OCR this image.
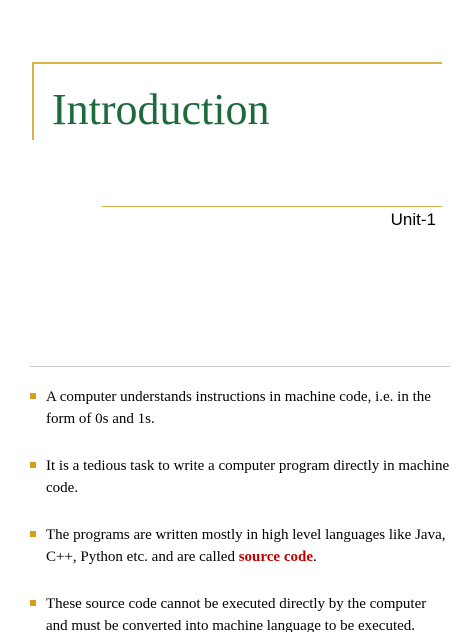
Introduction
Unit-1
A computer understands instructions in machine code, i.e. in the form of 0s and 1s.
It is a tedious task to write a computer program directly in machine code.
The programs are written mostly in high level languages like Java, C++, Python etc. and are called source code.
These source code cannot be executed directly by the computer and must be converted into machine language to be executed.
